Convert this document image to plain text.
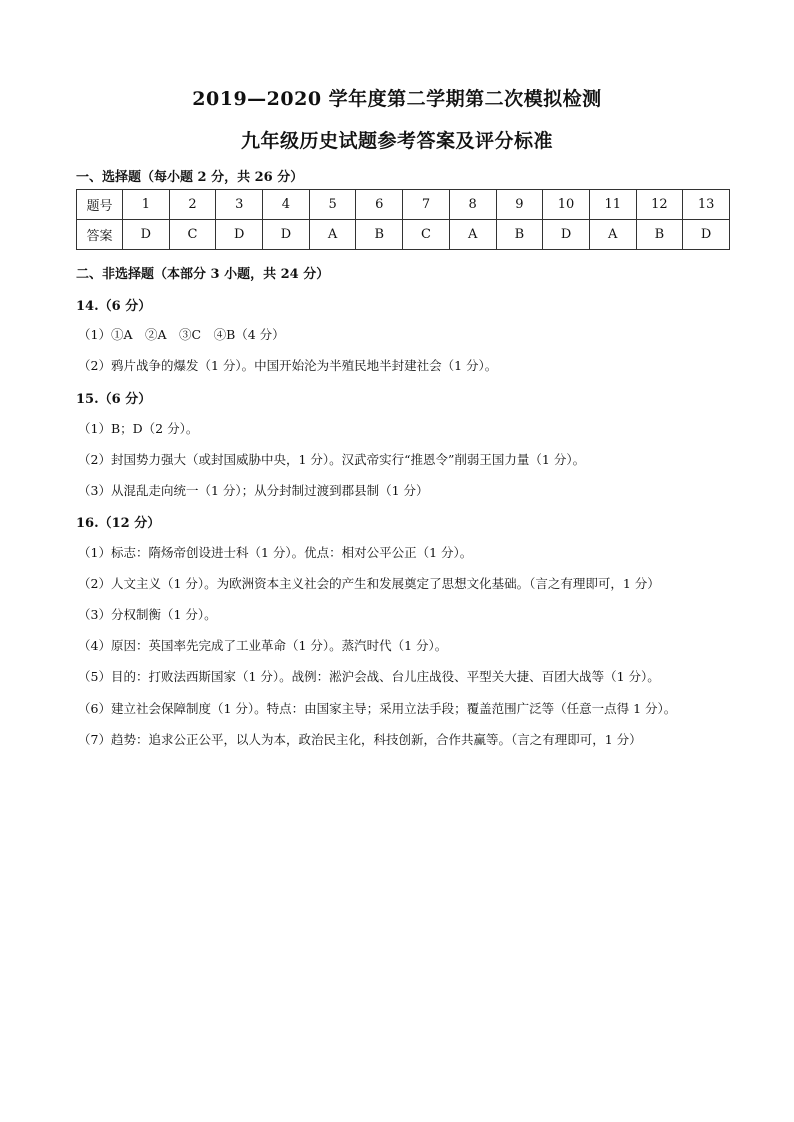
2019—2020 学年度第二学期第二次模拟检测
九年级历史试题参考答案及评分标准
一、选择题（每小题 2 分，共 26 分）
题号	1	2	3	4	5	6	7	8	9	10	11	12	13
答案	D	C	D	D	A	B	C	A	B	D	A	B	D
二、非选择题（本部分 3 小题，共 24 分）
14.（6 分）
（1）①A　②A　③C　④B（4 分）
（2）鸦片战争的爆发（1 分）。中国开始沦为半殖民地半封建社会（1 分）。
15.（6 分）
（1）B；D（2 分）。
（2）封国势力强大（或封国威胁中央，1 分）。汉武帝实行“推恩令”削弱王国力量（1 分）。
（3）从混乱走向统一（1 分）；从分封制过渡到郡县制（1 分）
16.（12 分）
（1）标志：隋炀帝创设进士科（1 分）。优点：相对公平公正（1 分）。
（2）人文主义（1 分）。为欧洲资本主义社会的产生和发展奠定了思想文化基础。（言之有理即可，1 分）
（3）分权制衡（1 分）。
（4）原因：英国率先完成了工业革命（1 分）。蒸汽时代（1 分）。
（5）目的：打败法西斯国家（1 分）。战例：淞沪会战、台儿庄战役、平型关大捷、百团大战等（1 分）。
（6）建立社会保障制度（1 分）。特点：由国家主导；采用立法手段；覆盖范围广泛等（任意一点得 1 分）。
（7）趋势：追求公正公平，以人为本，政治民主化，科技创新，合作共赢等。（言之有理即可，1 分）
